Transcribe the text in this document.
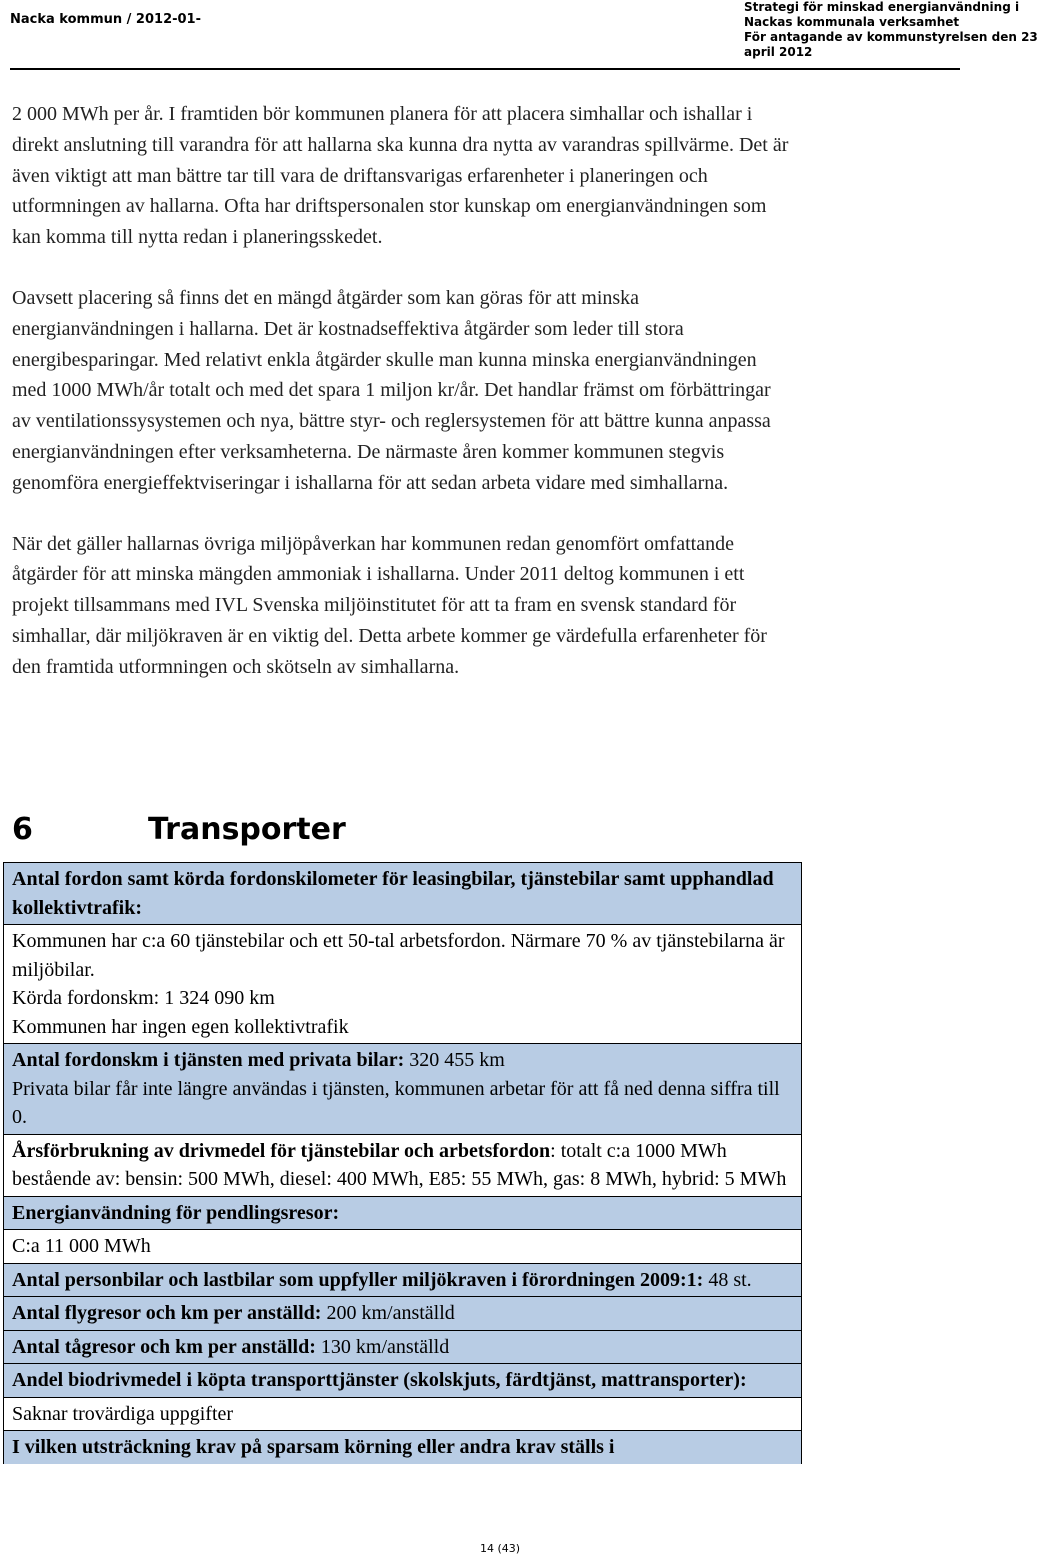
Nacka kommun / 2012-01-
Strategi för minskad energianvändning i
Nackas kommunala verksamhet
För antagande av kommunstyrelsen den 23
april 2012

2 000 MWh per år. I framtiden bör kommunen planera för att placera simhallar och ishallar i direkt anslutning till varandra för att hallarna ska kunna dra nytta av varandras spillvärme. Det är även viktigt att man bättre tar till vara de driftansvarigas erfarenheter i planeringen och utformningen av hallarna. Ofta har driftspersonalen stor kunskap om energianvändningen som kan komma till nytta redan i planeringsskedet.

Oavsett placering så finns det en mängd åtgärder som kan göras för att minska energianvändningen i hallarna. Det är kostnadseffektiva åtgärder som leder till stora energibesparingar. Med relativt enkla åtgärder skulle man kunna minska energianvändningen med 1000 MWh/år totalt och med det spara 1 miljon kr/år. Det handlar främst om förbättringar av ventilationssysystemen och nya, bättre styr- och reglersystemen för att bättre kunna anpassa energianvändningen efter verksamheterna. De närmaste åren kommer kommunen stegvis genomföra energieffektviseringar i ishallarna för att sedan arbeta vidare med simhallarna.

När det gäller hallarnas övriga miljöpåverkan har kommunen redan genomfört omfattande åtgärder för att minska mängden ammoniak i ishallarna. Under 2011 deltog kommunen i ett projekt tillsammans med IVL Svenska miljöinstitutet för att ta fram en svensk standard för simhallar, där miljökraven är en viktig del. Detta arbete kommer ge värdefulla erfarenheter för den framtida utformningen och skötseln av simhallarna.

6	Transporter
Antal fordon samt körda fordonskilometer för leasingbilar, tjänstebilar samt upphandlad kollektivtrafik:
Kommunen har c:a 60 tjänstebilar och ett 50-tal arbetsfordon. Närmare 70 % av tjänstebilarna är miljöbilar.
Körda fordonskm: 1 324 090 km
Kommunen har ingen egen kollektivtrafik
Antal fordonskm i tjänsten med privata bilar: 320 455 km
Privata bilar får inte längre användas i tjänsten, kommunen arbetar för att få ned denna siffra till 0.
Årsförbrukning av drivmedel för tjänstebilar och arbetsfordon: totalt c:a 1000 MWh bestående av: bensin: 500 MWh, diesel: 400 MWh, E85: 55 MWh, gas: 8 MWh, hybrid: 5 MWh
Energianvändning för pendlingsresor:
C:a 11 000 MWh
Antal personbilar och lastbilar som uppfyller miljökraven i förordningen 2009:1: 48 st.
Antal flygresor och km per anställd: 200 km/anställd
Antal tågresor och km per anställd: 130 km/anställd
Andel biodrivmedel i köpta transporttjänster (skolskjuts, färdtjänst, mattransporter):
Saknar trovärdiga uppgifter
I vilken utsträckning krav på sparsam körning eller andra krav ställs i
14 (43)
